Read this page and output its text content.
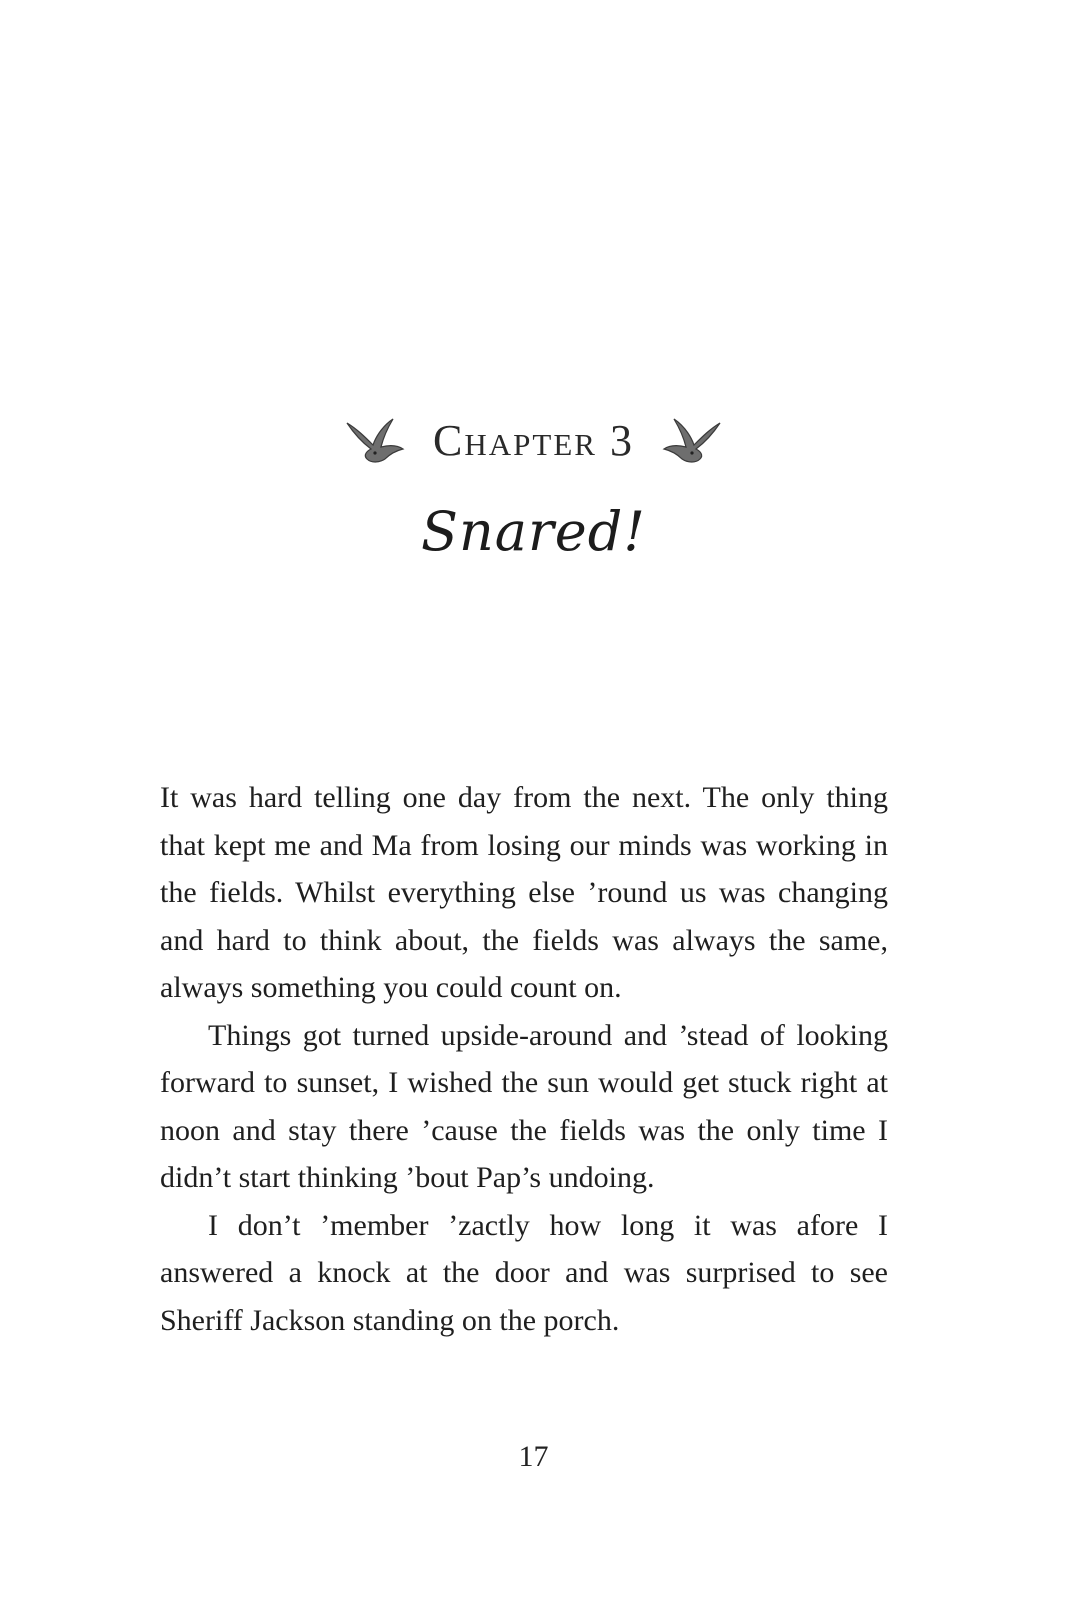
Chapter 3
Snared!

It was hard telling one day from the next. The only thing that kept me and Ma from losing our minds was working in the fields. Whilst everything else ’round us was changing and hard to think about, the fields was always the same, always something you could count on.

Things got turned upside-around and ’stead of looking forward to sunset, I wished the sun would get stuck right at noon and stay there ’cause the fields was the only time I didn’t start thinking ’bout Pap’s undoing.

I don’t ’member ’zactly how long it was afore I answered a knock at the door and was surprised to see Sheriff Jackson standing on the porch.

17
